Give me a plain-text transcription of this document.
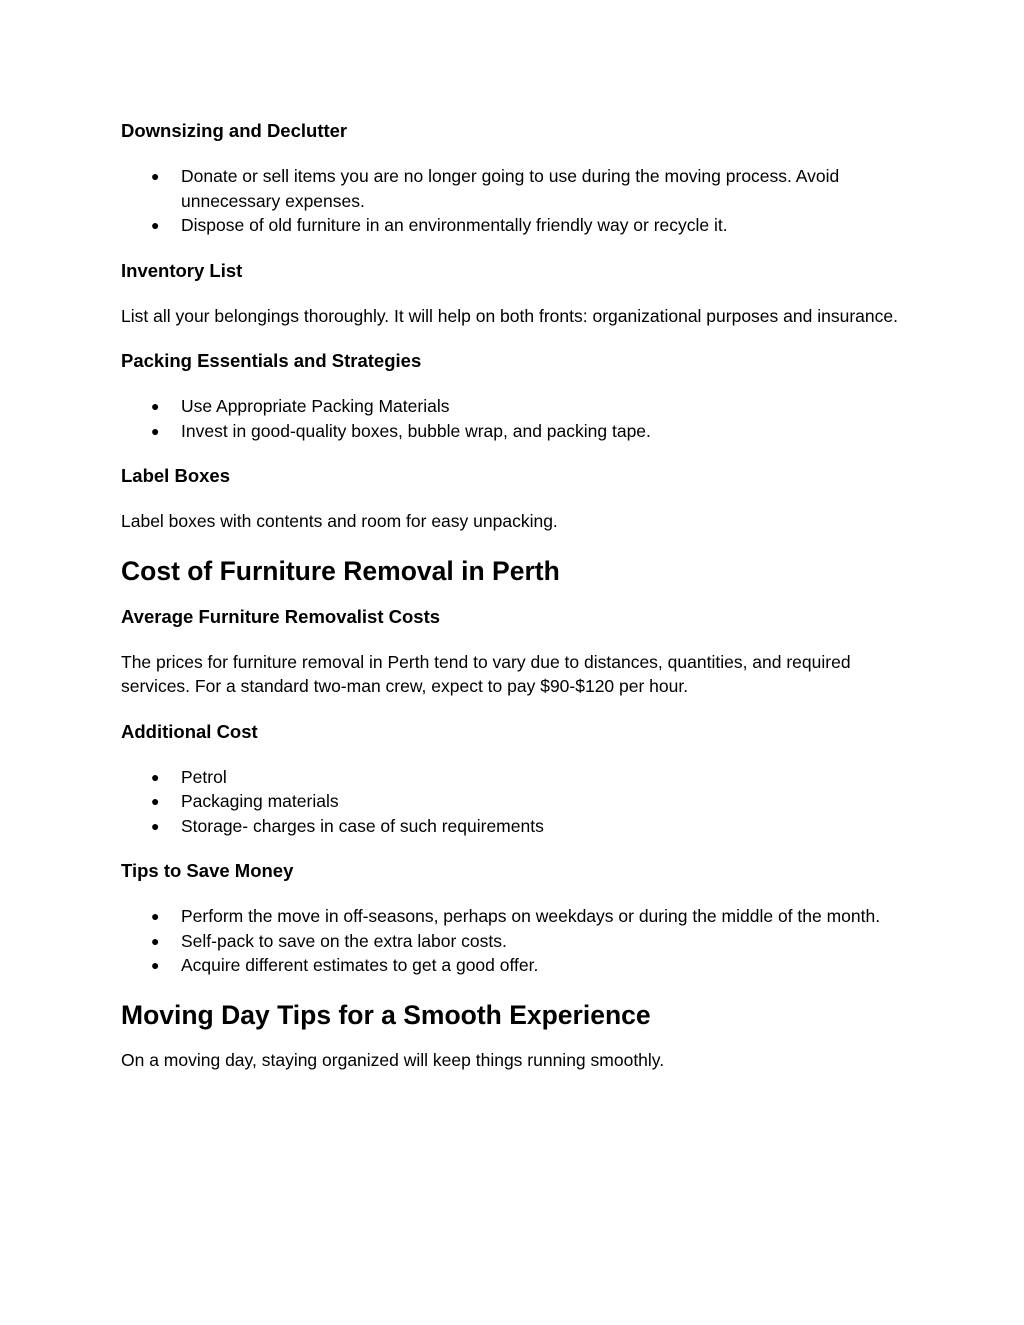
Downsizing and Declutter
● Donate or sell items you are no longer going to use during the moving process. Avoid unnecessary expenses.
● Dispose of old furniture in an environmentally friendly way or recycle it.
Inventory List

List all your belongings thoroughly. It will help on both fronts: organizational purposes and insurance.

Packing Essentials and Strategies
● Use Appropriate Packing Materials
● Invest in good-quality boxes, bubble wrap, and packing tape.
Label Boxes

Label boxes with contents and room for easy unpacking.

Cost of Furniture Removal in Perth
Average Furniture Removalist Costs

The prices for furniture removal in Perth tend to vary due to distances, quantities, and required services. For a standard two-man crew, expect to pay $90-$120 per hour.

Additional Cost
● Petrol
● Packaging materials
● Storage- charges in case of such requirements
Tips to Save Money
● Perform the move in off-seasons, perhaps on weekdays or during the middle of the month.
● Self-pack to save on the extra labor costs.
● Acquire different estimates to get a good offer.
Moving Day Tips for a Smooth Experience

On a moving day, staying organized will keep things running smoothly.
